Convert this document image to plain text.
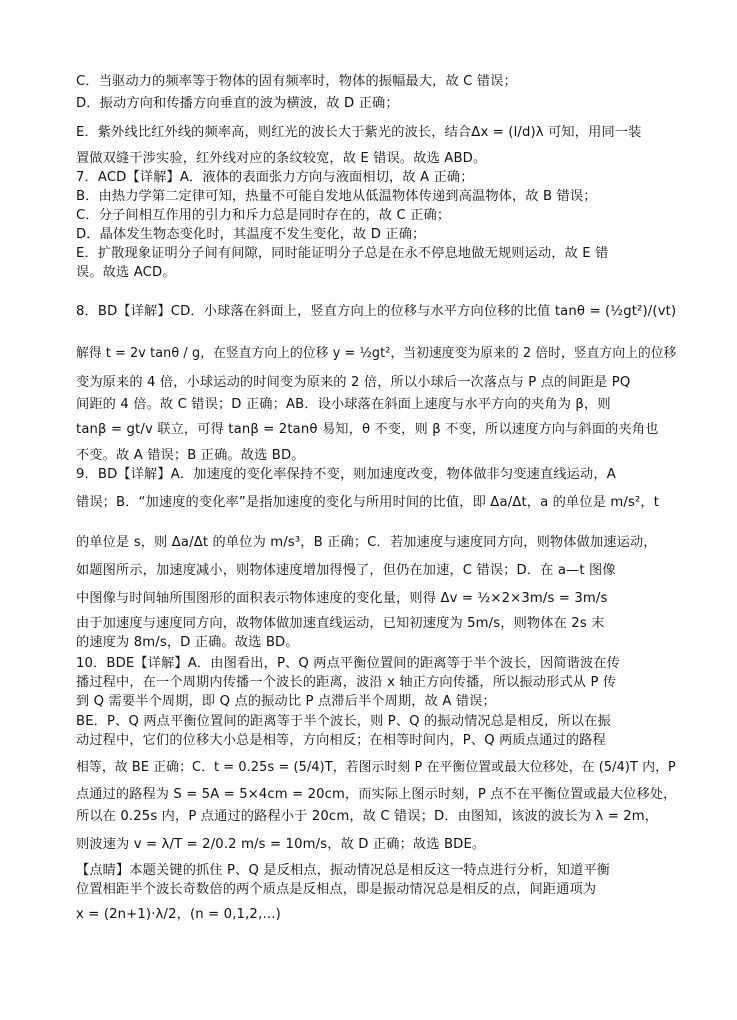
C．当驱动力的频率等于物体的固有频率时，物体的振幅最大，故 C 错误；
D．振动方向和传播方向垂直的波为横波，故 D 正确；
E．紫外线比红外线的频率高，则红光的波长大于紫光的波长，结合Δx = (l/d)λ 可知，用同一装
置做双缝干涉实验，红外线对应的条纹较宽，故 E 错误。故选 ABD。
7．ACD【详解】A．液体的表面张力方向与液面相切，故 A 正确；
B．由热力学第二定律可知，热量不可能自发地从低温物体传递到高温物体，故 B 错误；
C．分子间相互作用的引力和斥力总是同时存在的，故 C 正确；
D．晶体发生物态变化时，其温度不发生变化，故 D 正确；
E．扩散现象证明分子间有间隙，同时能证明分子总是在永不停息地做无规则运动，故 E 错
误。故选 ACD。
8．BD【详解】CD．小球落在斜面上，竖直方向上的位移与水平方向位移的比值 tanθ = (½gt²)/(vt)
解得 t = 2v tanθ / g，在竖直方向上的位移 y = ½gt²，当初速度变为原来的 2 倍时，竖直方向上的位移
变为原来的 4 倍，小球运动的时间变为原来的 2 倍，所以小球后一次落点与 P 点的间距是 PQ
间距的 4 倍。故 C 错误；D 正确；AB．设小球落在斜面上速度与水平方向的夹角为 β，则
tanβ = gt/v 联立，可得 tanβ = 2tanθ 易知，θ 不变，则 β 不变，所以速度方向与斜面的夹角也
不变。故 A 错误；B 正确。故选 BD。
9．BD【详解】A．加速度的变化率保持不变，则加速度改变，物体做非匀变速直线运动，A
错误；B．“加速度的变化率”是指加速度的变化与所用时间的比值，即 Δa/Δt，a 的单位是 m/s²，t
的单位是 s，则 Δa/Δt 的单位为 m/s³，B 正确；C．若加速度与速度同方向，则物体做加速运动，
如题图所示，加速度减小，则物体速度增加得慢了，但仍在加速，C 错误；D．在 a—t 图像
中图像与时间轴所围图形的面积表示物体速度的变化量，则得 Δv = ½×2×3m/s = 3m/s
由于加速度与速度同方向，故物体做加速直线运动，已知初速度为 5m/s，则物体在 2s 末
的速度为 8m/s，D 正确。故选 BD。
10．BDE【详解】A．由图看出，P、Q 两点平衡位置间的距离等于半个波长，因简谐波在传
播过程中，在一个周期内传播一个波长的距离，波沿 x 轴正方向传播，所以振动形式从 P 传
到 Q 需要半个周期，即 Q 点的振动比 P 点滞后半个周期，故 A 错误；
BE．P、Q 两点平衡位置间的距离等于半个波长，则 P、Q 的振动情况总是相反，所以在振
动过程中，它们的位移大小总是相等，方向相反；在相等时间内，P、Q 两质点通过的路程
相等，故 BE 正确；C．t = 0.25s = (5/4)T，若图示时刻 P 在平衡位置或最大位移处，在 (5/4)T 内，P
点通过的路程为 S = 5A = 5×4cm = 20cm，而实际上图示时刻，P 点不在平衡位置或最大位移处，
所以在 0.25s 内，P 点通过的路程小于 20cm，故 C 错误；D．由图知，该波的波长为 λ = 2m，
则波速为 v = λ/T = 2/0.2 m/s = 10m/s，故 D 正确；故选 BDE。
【点睛】本题关键的抓住 P、Q 是反相点，振动情况总是相反这一特点进行分析，知道平衡
位置相距半个波长奇数倍的两个质点是反相点，即是振动情况总是相反的点，间距通项为
x = (2n+1)·λ/2，(n = 0,1,2,…)
